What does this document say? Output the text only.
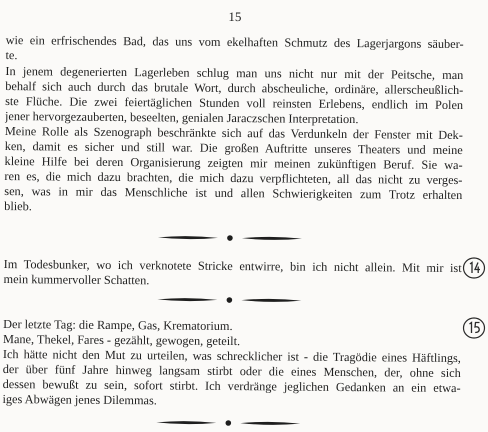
15
wie ein erfrischendes Bad, das uns vom ekelhaften Schmutz des Lagerjargons säuber-
te.
In jenem degenerierten Lagerleben schlug man uns nicht nur mit der Peitsche, man
behalf sich auch durch das brutale Wort, durch abscheuliche, ordinäre, allerscheußlich-
ste Flüche. Die zwei feiertäglichen Stunden voll reinsten Erlebens, endlich im Polen
jener hervorgezauberten, beseelten, genialen Jaraczschen Interpretation.
Meine Rolle als Szenograph beschränkte sich auf das Verdunkeln der Fenster mit Dek-
ken, damit es sicher und still war. Die großen Auftritte unseres Theaters und meine
kleine Hilfe bei deren Organisierung zeigten mir meinen zukünftigen Beruf. Sie wa-
ren es, die mich dazu brachten, die mich dazu verpflichteten, all das nicht zu verges-
sen, was in mir das Menschliche ist und allen Schwierigkeiten zum Trotz erhalten
blieb.
Im Todesbunker, wo ich verknotete Stricke entwirre, bin ich nicht allein. Mit mir ist
mein kummervoller Schatten.
Der letzte Tag: die Rampe, Gas, Krematorium.
Mane, Thekel, Fares - gezählt, gewogen, geteilt.
Ich hätte nicht den Mut zu urteilen, was schrecklicher ist - die Tragödie eines Häftlings,
der über fünf Jahre hinweg langsam stirbt oder die eines Menschen, der, ohne sich
dessen bewußt zu sein, sofort stirbt. Ich verdränge jeglichen Gedanken an ein etwa-
iges Abwägen jenes Dilemmas.
